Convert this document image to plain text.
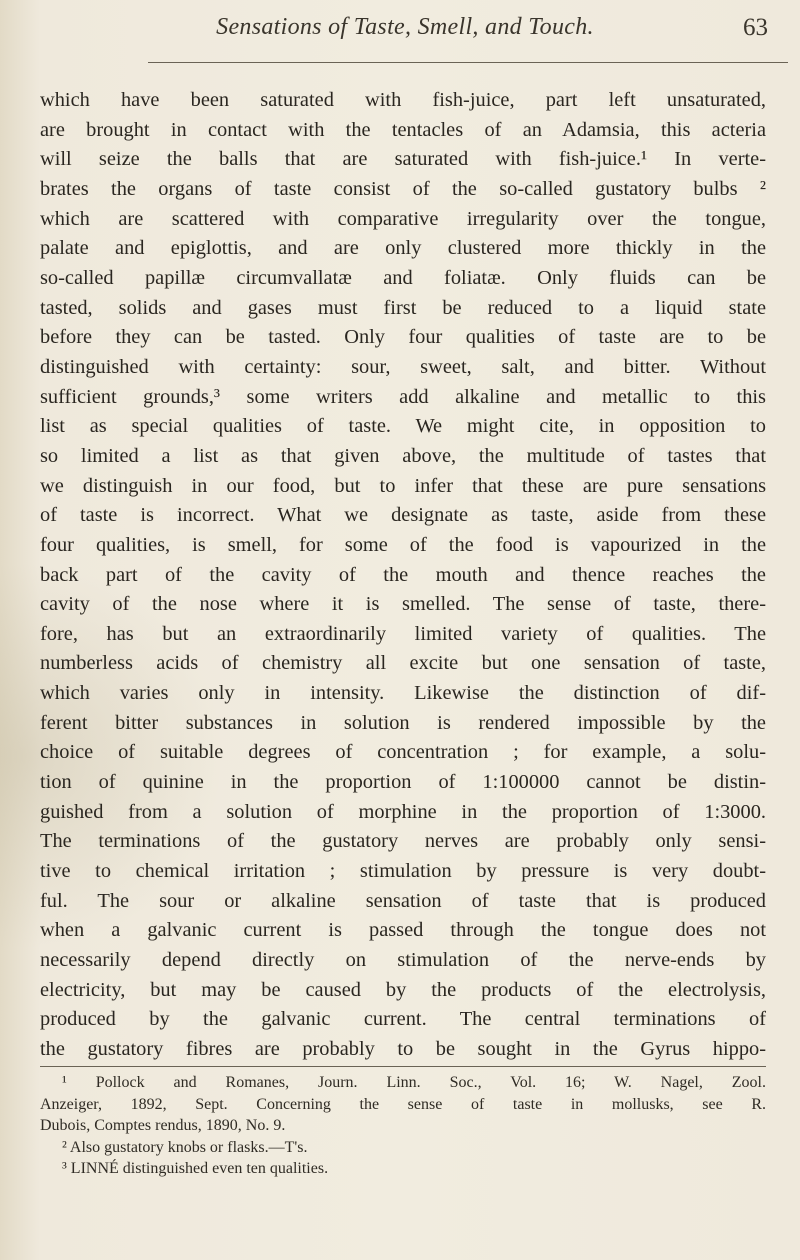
Sensations of Taste, Smell, and Touch.	63
which have been saturated with fish-juice, part left unsaturated,
are brought in contact with the tentacles of an Adamsia, this acteria
will seize the balls that are saturated with fish-juice.¹ In verte-
brates the organs of taste consist of the so-called gustatory bulbs ²
which are scattered with comparative irregularity over the tongue,
palate and epiglottis, and are only clustered more thickly in the
so-called papillæ circumvallatæ and foliatæ. Only fluids can be
tasted, solids and gases must first be reduced to a liquid state
before they can be tasted. Only four qualities of taste are to be
distinguished with certainty: sour, sweet, salt, and bitter. Without
sufficient grounds,³ some writers add alkaline and metallic to this
list as special qualities of taste. We might cite, in opposition to
so limited a list as that given above, the multitude of tastes that
we distinguish in our food, but to infer that these are pure sensations
of taste is incorrect. What we designate as taste, aside from these
four qualities, is smell, for some of the food is vapourized in the
back part of the cavity of the mouth and thence reaches the
cavity of the nose where it is smelled. The sense of taste, there-
fore, has but an extraordinarily limited variety of qualities. The
numberless acids of chemistry all excite but one sensation of taste,
which varies only in intensity. Likewise the distinction of dif-
ferent bitter substances in solution is rendered impossible by the
choice of suitable degrees of concentration ; for example, a solu-
tion of quinine in the proportion of 1:100000 cannot be distin-
guished from a solution of morphine in the proportion of 1:3000.
The terminations of the gustatory nerves are probably only sensi-
tive to chemical irritation ; stimulation by pressure is very doubt-
ful. The sour or alkaline sensation of taste that is produced
when a galvanic current is passed through the tongue does not
necessarily depend directly on stimulation of the nerve-ends by
electricity, but may be caused by the products of the electrolysis,
produced by the galvanic current. The central terminations of
the gustatory fibres are probably to be sought in the Gyrus hippo-
¹ Pollock and Romanes, Journ. Linn. Soc., Vol. 16; W. Nagel, Zool.
Anzeiger, 1892, Sept. Concerning the sense of taste in mollusks, see R.
Dubois, Comptes rendus, 1890, No. 9.
² Also gustatory knobs or flasks.—T's.
³ LINNÉ distinguished even ten qualities.
